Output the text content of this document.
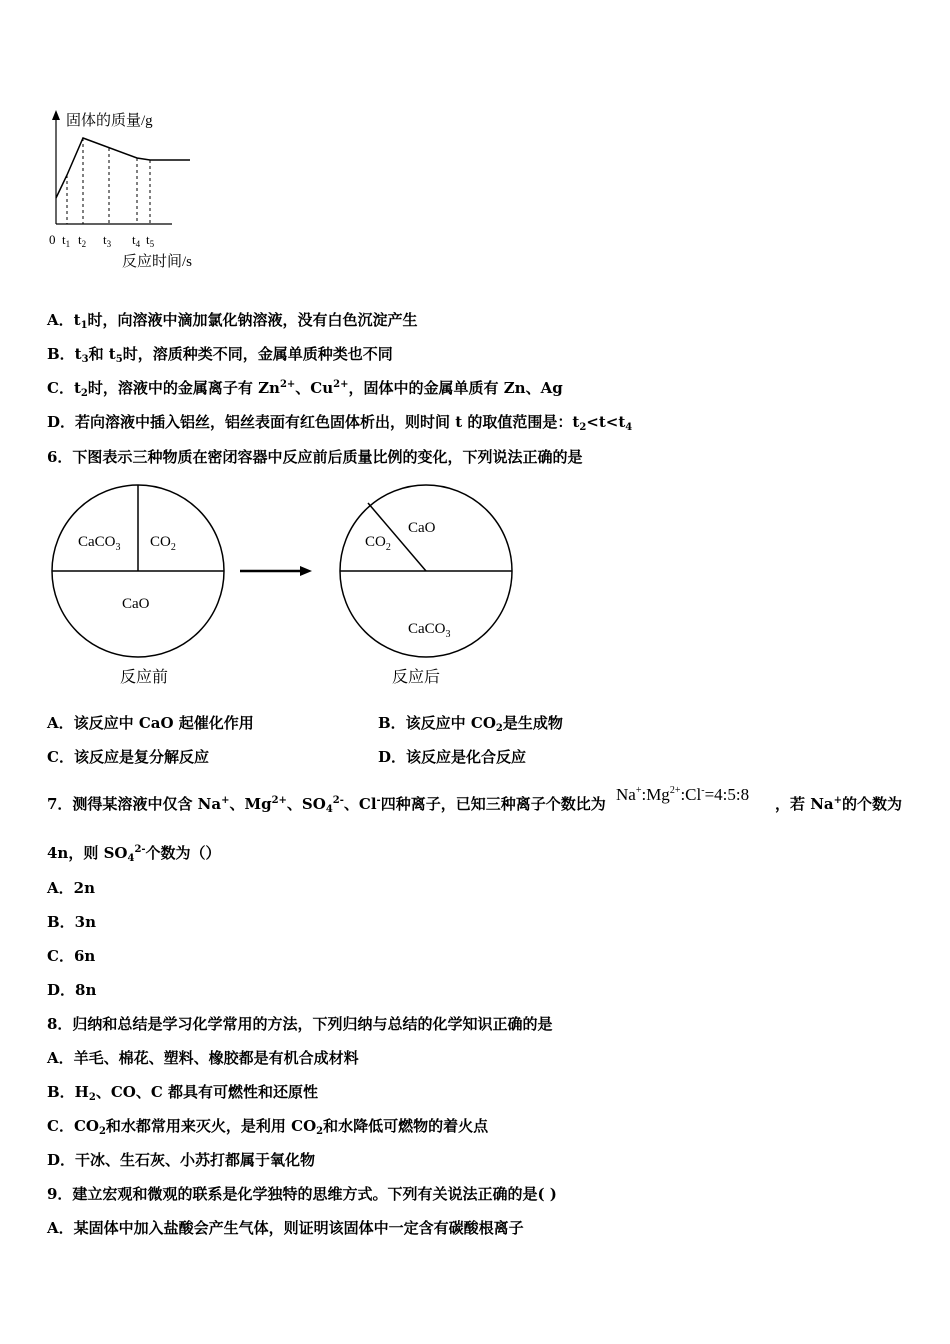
固体的质量/g
0 $t_1$ $t_2$ $t_3$ $t_4$ $t_5$
反应时间/s
A．$t_1$时，向溶液中滴加氯化钠溶液，没有白色沉淀产生
B．$t_3$和 $t_5$时，溶质种类不同，金属单质种类也不同
C．$t_2$时，溶液中的金属离子有 $Zn^{2+}$、$Cu^{2+}$，固体中的金属单质有 Zn、Ag
D．若向溶液中插入铝丝，铝丝表面有红色固体析出，则时间 t 的取值范围是：$t_2<t<t_4$
6．下图表示三种物质在密闭容器中反应前后质量比例的变化，下列说法正确的是
CaCO$_3$ $CO_2$
CaO
反应前
$CO_2$
CaO
CaCO$_3$
反应后
A．该反应中 CaO 起催化作用	B．该反应中 $CO_2$是生成物
C．该反应是复分解反应	D．该反应是化合反应
7．测得某溶液中仅含 Na+、$Mg^{2+}$、$SO_4^{2-}$、Cl-四种离子，已知三种离子个数比为 $Na^+:Mg^{2+}:Cl^-=4:5:8$ ，若 Na+的个数为
4n，则 $SO_4^{2-}$个数为（）
A．2n
B．3n
C．6n
D．8n
8．归纳和总结是学习化学常用的方法，下列归纳与总结的化学知识正确的是
A．羊毛、棉花、塑料、橡胶都是有机合成材料
B．$H_2$、CO、C 都具有可燃性和还原性
C．$CO_2$和水都常用来灭火，是利用 $CO_2$和水降低可燃物的着火点
D．干冰、生石灰、小苏打都属于氧化物
9．建立宏观和微观的联系是化学独特的思维方式。下列有关说法正确的是( )
A．某固体中加入盐酸会产生气体，则证明该固体中一定含有碳酸根离子
